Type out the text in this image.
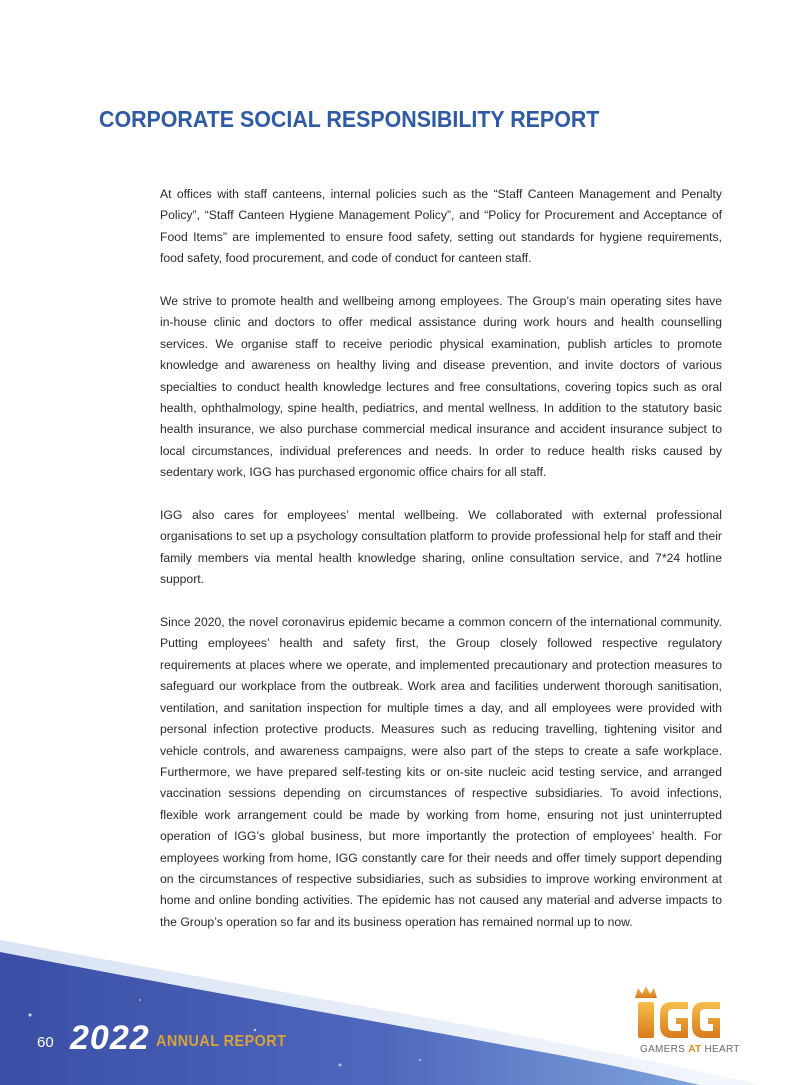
CORPORATE SOCIAL RESPONSIBILITY REPORT

At offices with staff canteens, internal policies such as the “Staff Canteen Management and Penalty Policy”, “Staff Canteen Hygiene Management Policy”, and “Policy for Procurement and Acceptance of Food Items” are implemented to ensure food safety, setting out standards for hygiene requirements, food safety, food procurement, and code of conduct for canteen staff.

We strive to promote health and wellbeing among employees. The Group’s main operating sites have in-house clinic and doctors to offer medical assistance during work hours and health counselling services. We organise staff to receive periodic physical examination, publish articles to promote knowledge and awareness on healthy living and disease prevention, and invite doctors of various specialties to conduct health knowledge lectures and free consultations, covering topics such as oral health, ophthalmology, spine health, pediatrics, and mental wellness. In addition to the statutory basic health insurance, we also purchase commercial medical insurance and accident insurance subject to local circumstances, individual preferences and needs. In order to reduce health risks caused by sedentary work, IGG has purchased ergonomic office chairs for all staff.

IGG also cares for employees’ mental wellbeing. We collaborated with external professional organisations to set up a psychology consultation platform to provide professional help for staff and their family members via mental health knowledge sharing, online consultation service, and 7*24 hotline support.

Since 2020, the novel coronavirus epidemic became a common concern of the international community. Putting employees’ health and safety first, the Group closely followed respective regulatory requirements at places where we operate, and implemented precautionary and protection measures to safeguard our workplace from the outbreak. Work area and facilities underwent thorough sanitisation, ventilation, and sanitation inspection for multiple times a day, and all employees were provided with personal infection protective products. Measures such as reducing travelling, tightening visitor and vehicle controls, and awareness campaigns, were also part of the steps to create a safe workplace. Furthermore, we have prepared self-testing kits or on-site nucleic acid testing service, and arranged vaccination sessions depending on circumstances of respective subsidiaries. To avoid infections, flexible work arrangement could be made by working from home, ensuring not just uninterrupted operation of IGG’s global business, but more importantly the protection of employees’ health. For employees working from home, IGG constantly care for their needs and offer timely support depending on the circumstances of respective subsidiaries, such as subsidies to improve working environment at home and online bonding activities. The epidemic has not caused any material and adverse impacts to the Group’s operation so far and its business operation has remained normal up to now.

60 2022 ANNUAL REPORT	GAMERS AT HEART
